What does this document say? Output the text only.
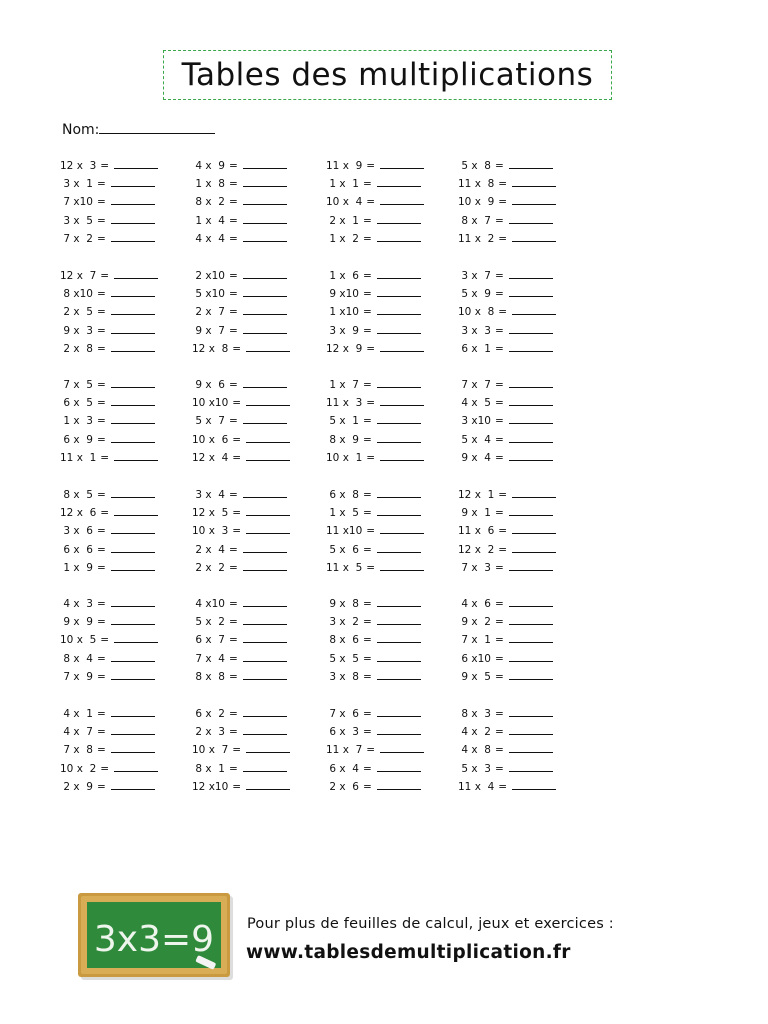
Tables des multiplications
Nom:
12 x  3 =
3 x  1 =
7 x10 =
3 x  5 =
7 x  2 =
12 x  7 =
8 x10 =
2 x  5 =
9 x  3 =
2 x  8 =
7 x  5 =
6 x  5 =
1 x  3 =
6 x  9 =
11 x  1 =
8 x  5 =
12 x  6 =
3 x  6 =
6 x  6 =
1 x  9 =
4 x  3 =
9 x  9 =
10 x  5 =
8 x  4 =
7 x  9 =
4 x  1 =
4 x  7 =
7 x  8 =
10 x  2 =
2 x  9 =
4 x  9 =
1 x  8 =
8 x  2 =
1 x  4 =
4 x  4 =
2 x10 =
5 x10 =
2 x  7 =
9 x  7 =
12 x  8 =
9 x  6 =
10 x10 =
5 x  7 =
10 x  6 =
12 x  4 =
3 x  4 =
12 x  5 =
10 x  3 =
2 x  4 =
2 x  2 =
4 x10 =
5 x  2 =
6 x  7 =
7 x  4 =
8 x  8 =
6 x  2 =
2 x  3 =
10 x  7 =
8 x  1 =
12 x10 =
11 x  9 =
1 x  1 =
10 x  4 =
2 x  1 =
1 x  2 =
1 x  6 =
9 x10 =
1 x10 =
3 x  9 =
12 x  9 =
1 x  7 =
11 x  3 =
5 x  1 =
8 x  9 =
10 x  1 =
6 x  8 =
1 x  5 =
11 x10 =
5 x  6 =
11 x  5 =
9 x  8 =
3 x  2 =
8 x  6 =
5 x  5 =
3 x  8 =
7 x  6 =
6 x  3 =
11 x  7 =
6 x  4 =
2 x  6 =
5 x  8 =
11 x  8 =
10 x  9 =
8 x  7 =
11 x  2 =
3 x  7 =
5 x  9 =
10 x  8 =
3 x  3 =
6 x  1 =
7 x  7 =
4 x  5 =
3 x10 =
5 x  4 =
9 x  4 =
12 x  1 =
9 x  1 =
11 x  6 =
12 x  2 =
7 x  3 =
4 x  6 =
9 x  2 =
7 x  1 =
6 x10 =
9 x  5 =
8 x  3 =
4 x  2 =
4 x  8 =
5 x  3 =
11 x  4 =
3x3=9 Pour plus de feuilles de calcul, jeux et exercices :
www.tablesdemultiplication.fr
